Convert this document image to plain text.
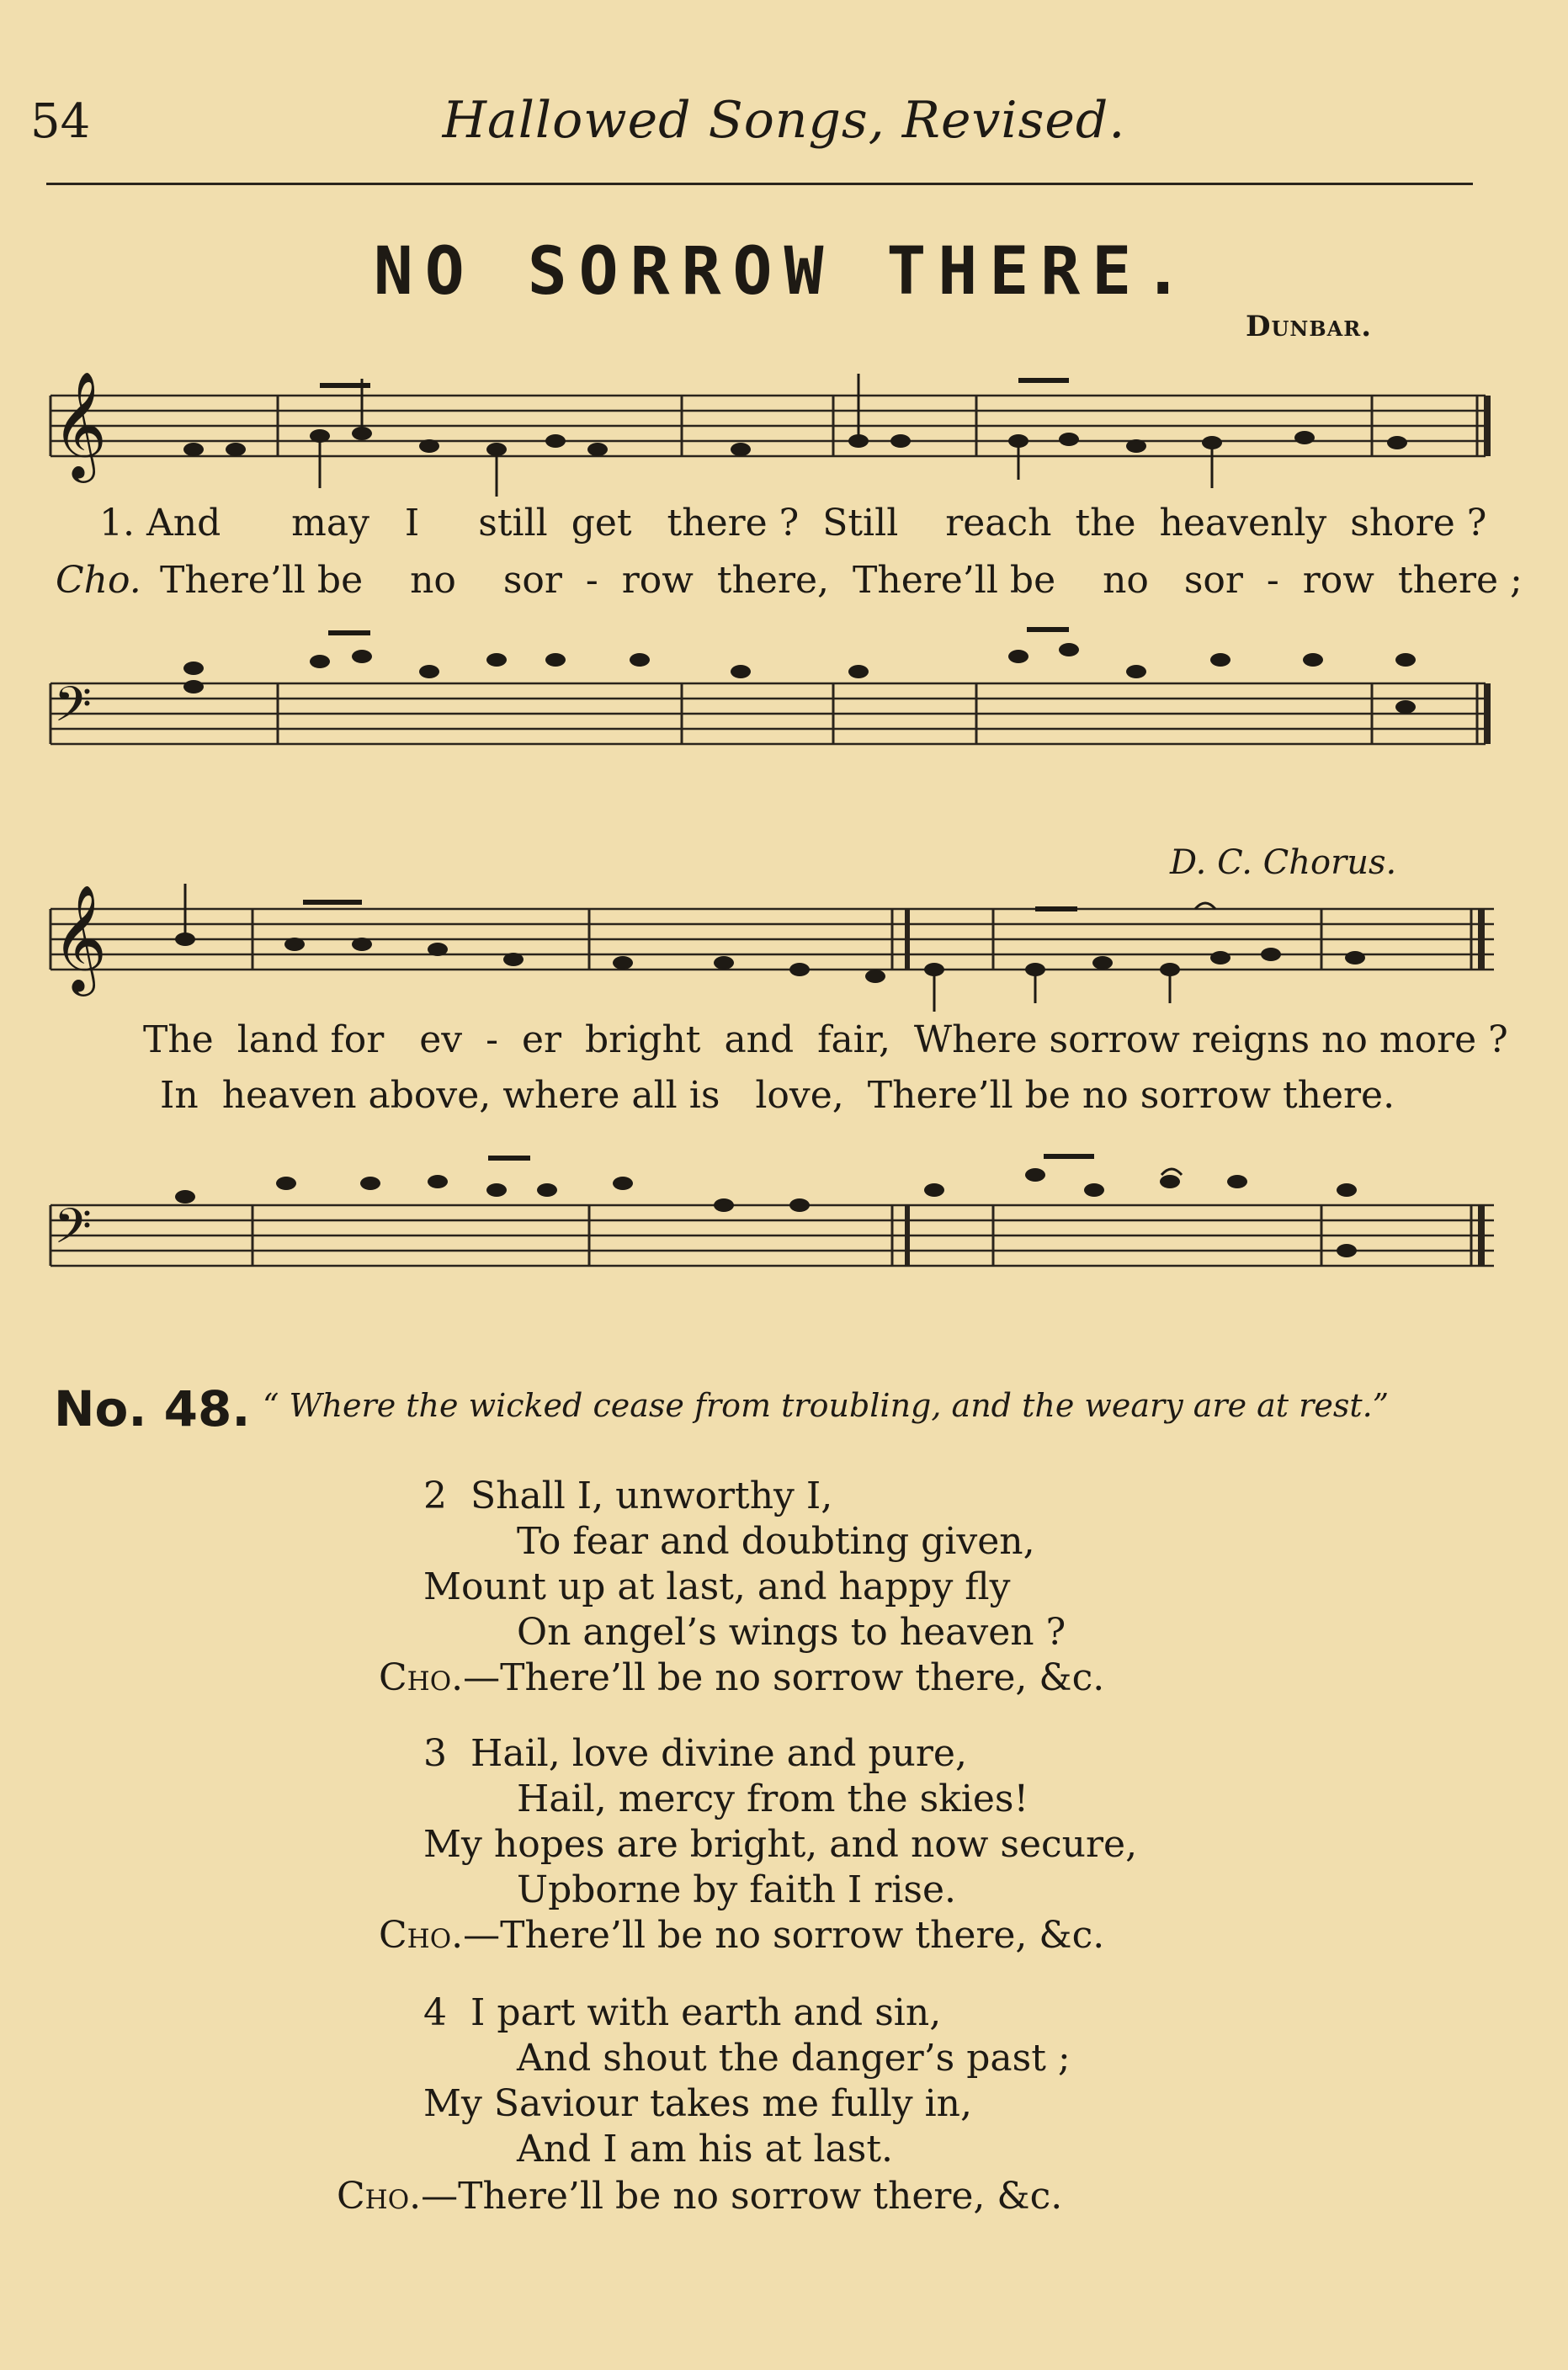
54	Hallowed Songs, Revised.
NO SORROW THERE.
Dunbar.
𝄞
1. And      may   I     still  get   there ?  Still    reach  the  heavenly  shore ?
Cho. There’ll be    no    sor  -  row  there,  There’ll be    no   sor  -  row  there ;
𝄢
𝄞
D. C. Chorus.
The  land for   ev  -  er  bright  and  fair,  Where sorrow reigns no more ?
In  heaven above, where all is   love,  There’ll be no sorrow there.
𝄢
No. 48. “ Where the wicked cease from troubling, and the weary are at rest.”
2  Shall I, unworthy I,
To fear and doubting given,
Mount up at last, and happy fly
On angel’s wings to heaven ?
Cho.—There’ll be no sorrow there, &c.
3  Hail, love divine and pure,
Hail, mercy from the skies!
My hopes are bright, and now secure,
Upborne by faith I rise.
Cho.—There’ll be no sorrow there, &c.
4  I part with earth and sin,
And shout the danger’s past ;
My Saviour takes me fully in,
And I am his at last.
Cho.—There’ll be no sorrow there, &c.
